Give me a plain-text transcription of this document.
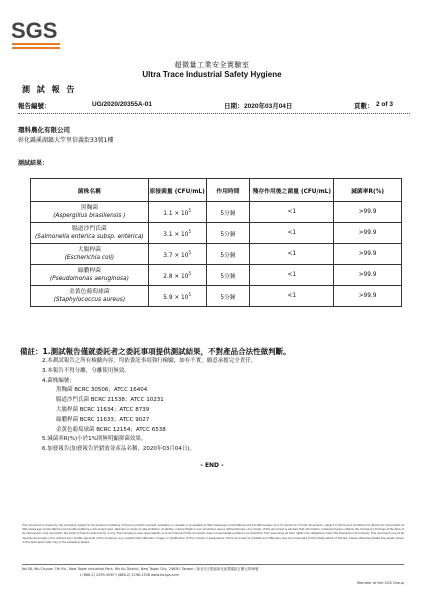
SGS
超微量工業安全實驗室
Ultra Trace Industrial Safety Hygiene
測 試 報 告
報告編號：	UG/2020/20355A-01	日期： 2020年03月04日	頁數： 2 of 3
環科農化有限公司
彰化縣溪湖鎮大竿里信義街33號1樓
測試結果：
菌株名稱	原接菌量 (CFU/mL)	作用時間	殘存作用後之菌量 (CFU/mL)	減菌率R(%)

黑麴菌
(Aspergillus brasiliensis )	$1.1 \times 10^5$	5分鐘	<1	>99.9

腸道沙門氏菌
(Salmonella enterica subsp. enterica)	$3.1 \times 10^5$	5分鐘	<1	>99.9

大腸桿菌
(Escherichia coli)	$3.7 \times 10^5$	5分鐘	<1	>99.9

綠膿桿菌
(Pseudomonas aeruginosa)	$2.8 \times 10^5$	5分鐘	<1	>99.9

金黃色葡萄球菌
(Staphylococcus aureus)	$5.9 \times 10^5$	5分鐘	<1	>99.9
備註：1.測試報告僅就委託者之委託事項提供測試結果，不對產品合法性做判斷。
2.本測試報告之所有檢驗內容，均依委託事項執行檢驗，如有不實，願意承擔完全責任。
3.本報告不得分離，分離使用無效。
4.菌株編號：
黑麴菌 BCRC 30506；ATCC 16404
腸道沙門氏菌 BCRC 21538；ATCC 10231
大腸桿菌 BCRC 11634；ATCC 8739
綠膿桿菌 BCRC 11633；ATCC 9027
金黃色葡萄球菌 BCRC 12154；ATCC 6538
5.減菌率R(%)小於1%則無明顯抑菌效果。
6.加發報告(加發報告於錯放並產品名稱，2020年03月04日)。
- END -
This document is issued by the Company subject to its General Conditions of Service printed overleaf, available on request or accessible at http://www.sgs.com/en/Terms-and-Conditions.aspx and, for electronic format documents, subject to Terms and Conditions for Electronic Documents at http://www.sgs.com/en/Terms-and-Conditions/Terms-e-Document.aspx. Attention is drawn to the limitation of liability, indemnification and jurisdiction issues defined therein. Any holder of this document is advised that information contained hereon reflects the Company's findings at the time of its intervention only and within the limits of Client's instructions, if any. The Company's sole responsibility is to its Client and this document does not exonerate parties to a transaction from exercising all their rights and obligations under the transaction documents. This document cannot be reproduced except in full, without prior written approval of the Company. Any unauthorized alteration, forgery or falsification of the content or appearance of this document is unlawful and offenders may be prosecuted to the fullest extent of the law. Unless otherwise stated the results shown in this test report refer only to the sample(s) tested.
No.58, Wu Chyuan 7th Rd., New Taipei Industrial Park, Wu Ku District, New Taipei City, 24890, Taiwan / 新北市五股區新北產業園區五權七路58號
t (886-2) 2299-3939 f (886-2) 2298-1338 www.tw.sgs.com
Member of the SGS Group
